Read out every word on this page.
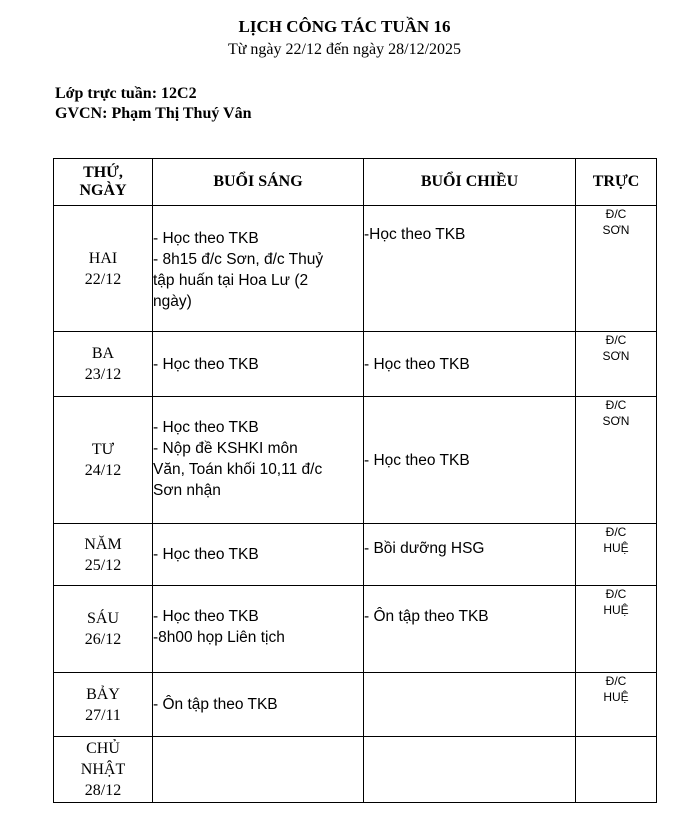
LỊCH CÔNG TÁC TUẦN 16
Từ ngày 22/12 đến ngày 28/12/2025
Lớp trực tuần: 12C2
GVCN: Phạm Thị Thuý Vân
THỨ,
NGÀY	BUỔI SÁNG	BUỔI CHIỀU	TRỰC

HAI
22/12	- Học theo TKB
- 8h15 đ/c Sơn, đ/c Thuỷ
tập huấn tại Hoa Lư (2
ngày)	-Học theo TKB	Đ/C
SƠN

BA
23/12	- Học theo TKB	- Học theo TKB	Đ/C
SƠN

TƯ
24/12	- Học theo TKB
- Nộp đề KSHKI môn
Văn, Toán khối 10,11 đ/c
Sơn nhận	- Học theo TKB	Đ/C
SƠN

NĂM
25/12	- Học theo TKB	- Bồi dưỡng HSG	Đ/C
HUỆ

SÁU
26/12	- Học theo TKB
-8h00 họp Liên tịch	- Ôn tập theo TKB	Đ/C
HUỆ

BẢY
27/11	- Ôn tập theo TKB		Đ/C
HUỆ

CHỦ
NHẬT
28/12			
